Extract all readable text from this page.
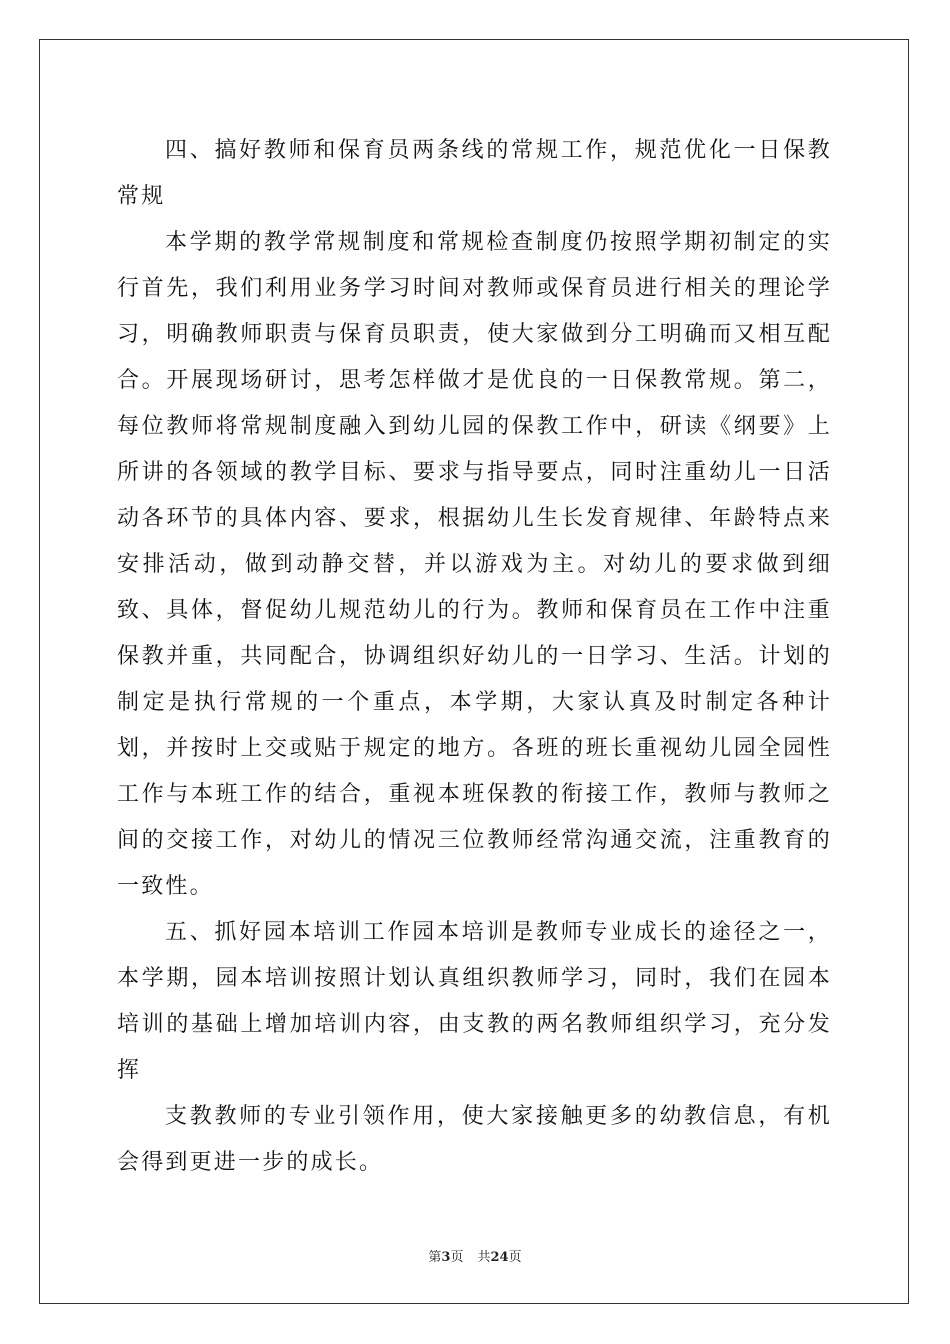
四、搞好教师和保育员两条线的常规工作，规范优化一日保教常规

本学期的教学常规制度和常规检查制度仍按照学期初制定的实行首先，我们利用业务学习时间对教师或保育员进行相关的理论学习，明确教师职责与保育员职责，使大家做到分工明确而又相互配合。开展现场研讨，思考怎样做才是优良的一日保教常规。第二，每位教师将常规制度融入到幼儿园的保教工作中，研读《纲要》上所讲的各领域的教学目标、要求与指导要点，同时注重幼儿一日活动各环节的具体内容、要求，根据幼儿生长发育规律、年龄特点来安排活动，做到动静交替，并以游戏为主。对幼儿的要求做到细致、具体，督促幼儿规范幼儿的行为。教师和保育员在工作中注重保教并重，共同配合，协调组织好幼儿的一日学习、生活。计划的制定是执行常规的一个重点，本学期，大家认真及时制定各种计划，并按时上交或贴于规定的地方。各班的班长重视幼儿园全园性工作与本班工作的结合，重视本班保教的衔接工作，教师与教师之间的交接工作，对幼儿的情况三位教师经常沟通交流，注重教育的一致性。

五、抓好园本培训工作园本培训是教师专业成长的途径之一，本学期，园本培训按照计划认真组织教师学习，同时，我们在园本培训的基础上增加培训内容，由支教的两名教师组织学习，充分发挥

支教教师的专业引领作用，使大家接触更多的幼教信息，有机会得到更进一步的成长。

第3页 共24页
